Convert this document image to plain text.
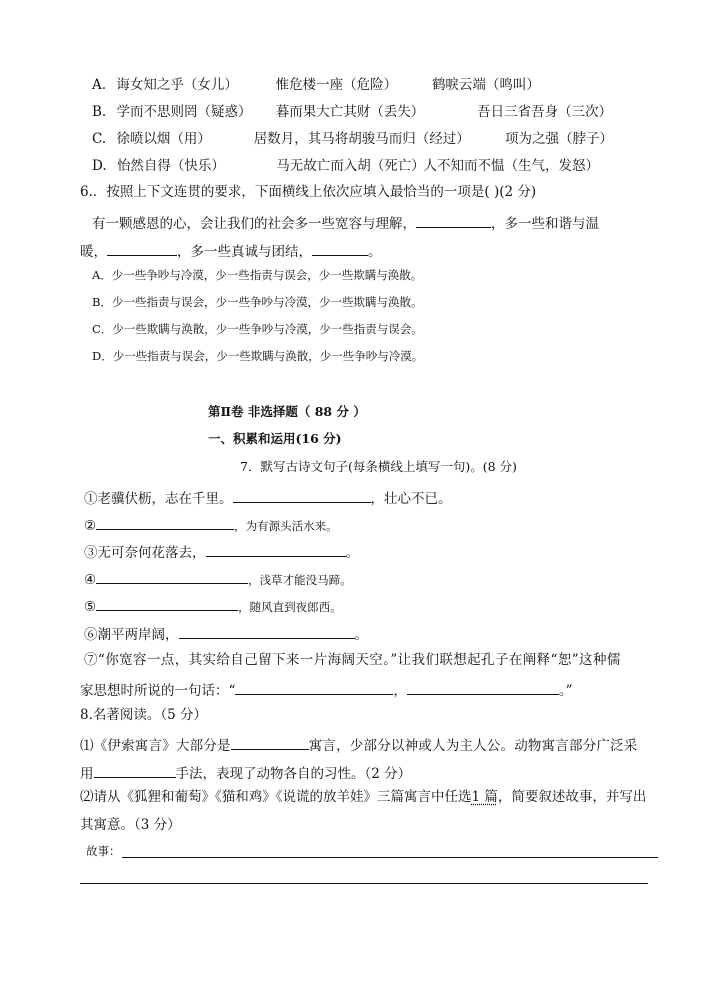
A. 诲女知之乎（女儿）	惟危楼一座（危险）	鹤唳云端（鸣叫）
B. 学而不思则罔（疑惑） 暮而果大亡其财（丢失）	吾日三省吾身（三次）
C. 徐喷以烟（用）	居数月，其马将胡骏马而归（经过）	项为之强（脖子）
D. 怡然自得（快乐）	马无故亡而入胡（死亡） 人不知而不愠（生气，发怒）
6.．按照上下文连贯的要求，下面横线上依次应填入最恰当的一项是( )(2 分)
有一颗感恩的心，会让我们的社会多一些宽容与理解，	，多一些和谐与温
暖，	，多一些真诚与团结，	。
A．少一些争吵与冷漠，少一些指责与误会，少一些欺瞒与涣散。
B．少一些指责与误会，少一些争吵与冷漠，少一些欺瞒与涣散。
C．少一些欺瞒与涣散，少一些争吵与冷漠，少一些指责与误会。
D．少一些指责与误会，少一些欺瞒与涣散，少一些争吵与冷漠。
第Ⅱ卷 非选择题（ 88 分 ）
一、积累和运用(16 分)
7．默写古诗文句子(每条横线上填写一句)。(8 分)
①老骥伏枥，志在千里。	，壮心不已。
②	，为有源头活水来。
③无可奈何花落去，	。
④	，浅草才能没马蹄。
⑤	，随风直到夜郎西。
⑥潮平两岸阔，	。
⑦“你宽容一点，其实给自己留下来一片海阔天空。”让我们联想起孔子在阐释“恕”这种儒
家思想时所说的一句话：“	，	。”
8.名著阅读。（5 分）
⑴《伊索寓言》大部分是	寓言，少部分以神或人为主人公。动物寓言部分广泛采
用	手法，表现了动物各自的习性。（2 分）
⑵请从《狐狸和葡萄》《猫和鸡》《说谎的放羊娃》三篇寓言中任选1 篇，简要叙述故事，并写出
其寓意。（3 分）
故事：
